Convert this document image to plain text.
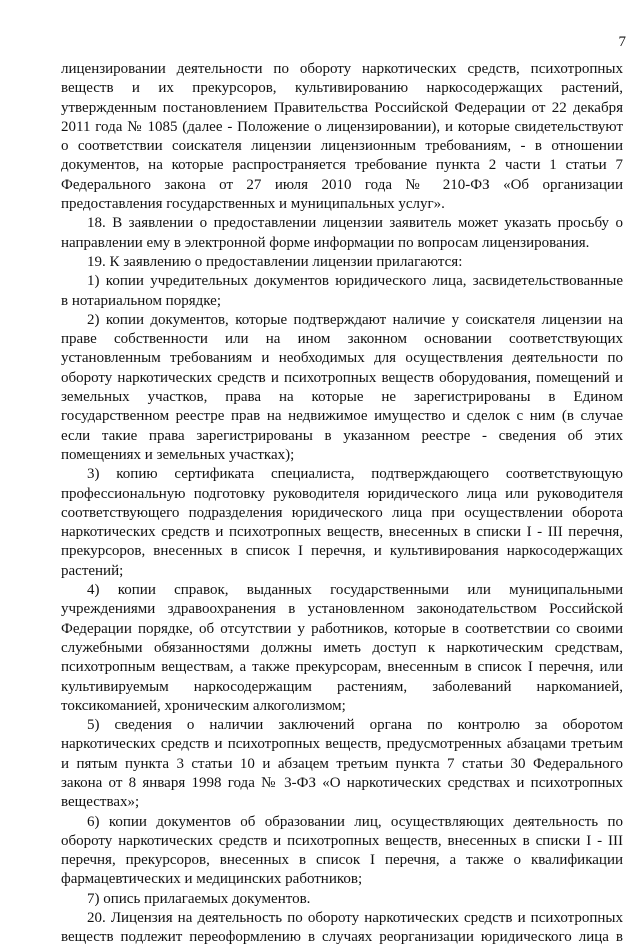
7
лицензировании деятельности по обороту наркотических средств, психотропных
веществ и их прекурсоров, культивированию наркосодержащих растений,
утвержденным постановлением Правительства Российской Федерации от 22 декабря
2011 года № 1085 (далее - Положение о лицензировании), и которые свидетельствуют
о соответствии соискателя лицензии лицензионным требованиям, - в отношении
документов, на которые распространяется требование пункта 2 части 1 статьи 7
Федерального закона от 27 июля 2010 года № 210-ФЗ «Об организации
предоставления государственных и муниципальных услуг».
18. В заявлении о предоставлении лицензии заявитель может указать просьбу о
направлении ему в электронной форме информации по вопросам лицензирования.
19. К заявлению о предоставлении лицензии прилагаются:
1) копии учредительных документов юридического лица, засвидетельствованные
в нотариальном порядке;
2) копии документов, которые подтверждают наличие у соискателя лицензии на
праве собственности или на ином законном основании соответствующих
установленным требованиям и необходимых для осуществления деятельности по
обороту наркотических средств и психотропных веществ оборудования, помещений и
земельных участков, права на которые не зарегистрированы в Едином
государственном реестре прав на недвижимое имущество и сделок с ним (в случае
если такие права зарегистрированы в указанном реестре - сведения об этих
помещениях и земельных участках);
3) копию сертификата специалиста, подтверждающего соответствующую
профессиональную подготовку руководителя юридического лица или руководителя
соответствующего подразделения юридического лица при осуществлении оборота
наркотических средств и психотропных веществ, внесенных в списки I - III перечня,
прекурсоров, внесенных в список I перечня, и культивирования наркосодержащих
растений;
4) копии справок, выданных государственными или муниципальными
учреждениями здравоохранения в установленном законодательством Российской
Федерации порядке, об отсутствии у работников, которые в соответствии со своими
служебными обязанностями должны иметь доступ к наркотическим средствам,
психотропным веществам, а также прекурсорам, внесенным в список I перечня, или
культивируемым наркосодержащим растениям, заболеваний наркоманией,
токсикоманией, хроническим алкоголизмом;
5) сведения о наличии заключений органа по контролю за оборотом
наркотических средств и психотропных веществ, предусмотренных абзацами третьим
и пятым пункта 3 статьи 10 и абзацем третьим пункта 7 статьи 30 Федерального
закона от 8 января 1998 года № 3-ФЗ «О наркотических средствах и психотропных
веществах»;
6) копии документов об образовании лиц, осуществляющих деятельность по
обороту наркотических средств и психотропных веществ, внесенных в списки I - III
перечня, прекурсоров, внесенных в список I перечня, а также о квалификации
фармацевтических и медицинских работников;
7) опись прилагаемых документов.
20. Лицензия на деятельность по обороту наркотических средств и психотропных
веществ подлежит переоформлению в случаях реорганизации юридического лица в
